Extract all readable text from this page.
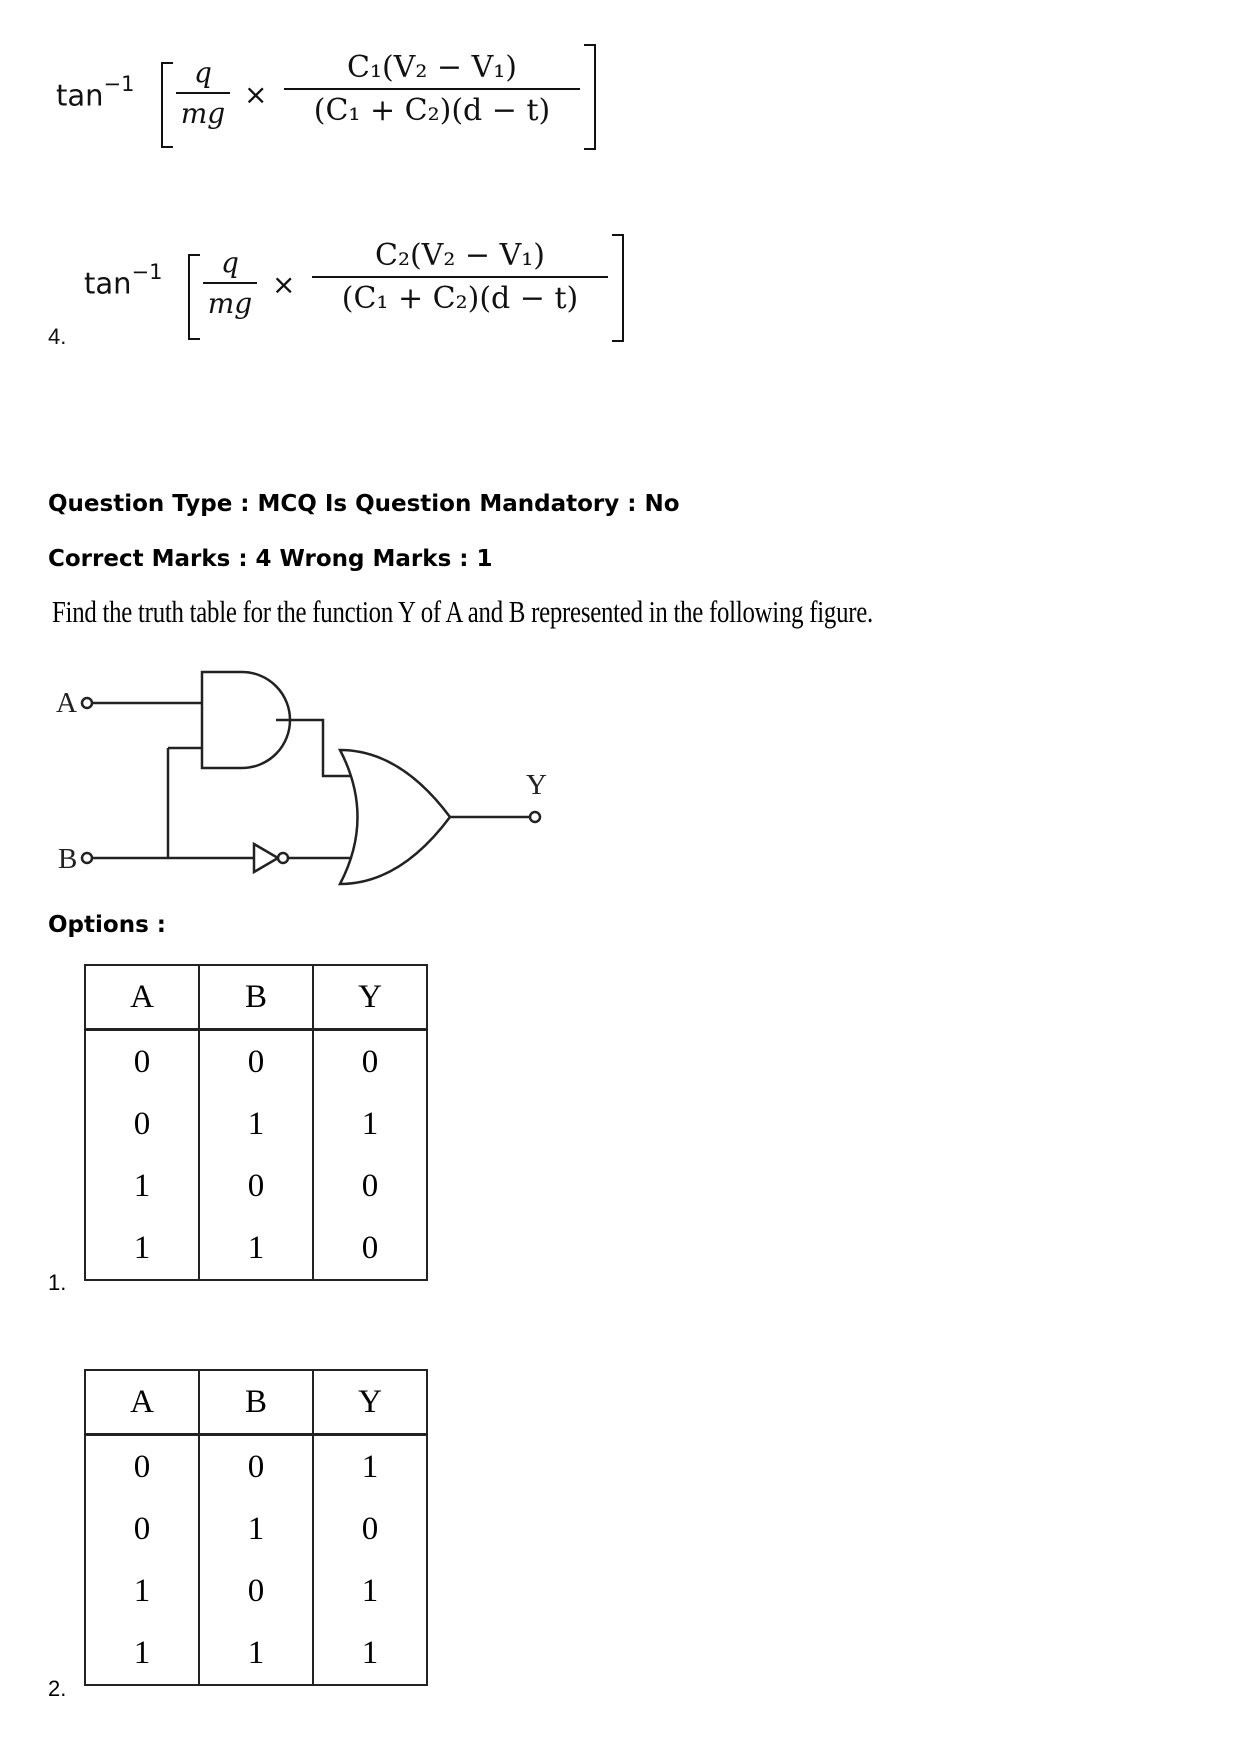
$\tan^{-1}$	q
mg
×
C₁(V₂ − V₁)
(C₁ + C₂)(d − t)
4.
$\tan^{-1}$	q
mg
×
C₂(V₂ − V₁)
(C₁ + C₂)(d − t)
Question Type : MCQ Is Question Mandatory : No
Correct Marks : 4 Wrong Marks : 1
Find the truth table for the function Y of A and B represented in the following figure.
A
B
Y
Options :
A	B	Y
0	0	0
0	1	1
1	0	0
1	1	0
1.
A	B	Y
0	0	1
0	1	0
1	0	1
1	1	1
2.
